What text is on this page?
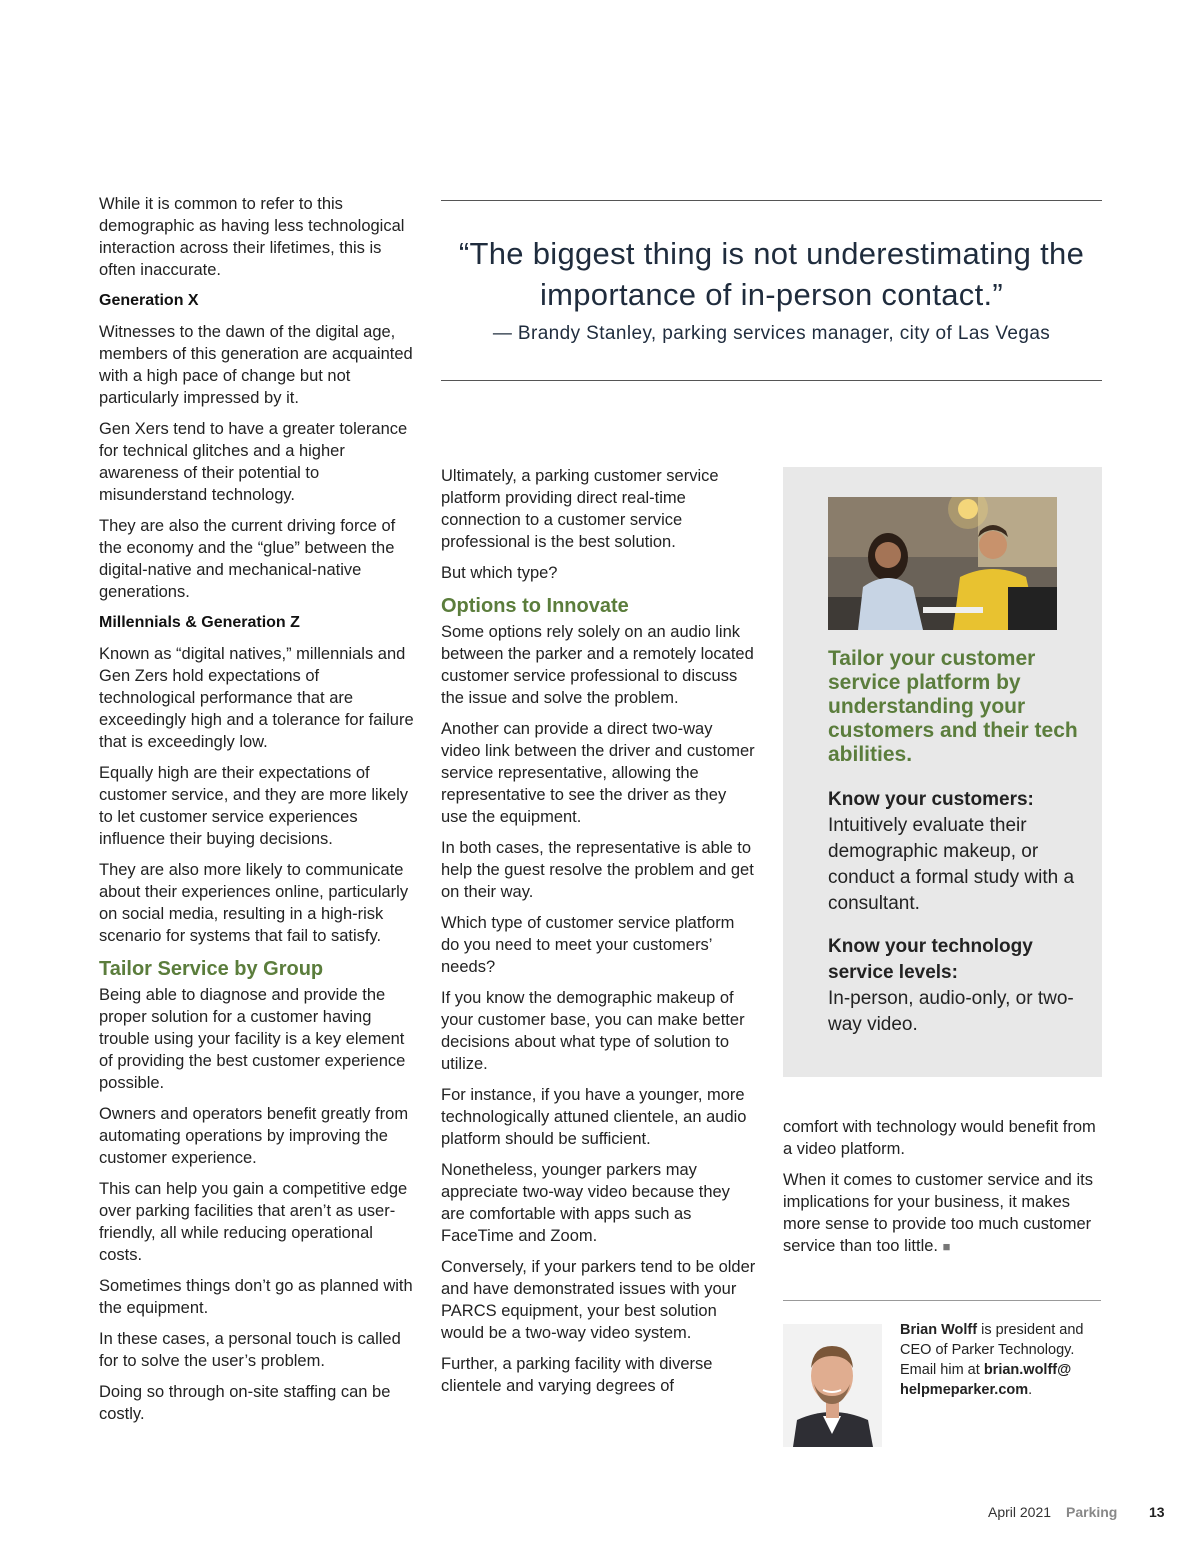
While it is common to refer to this demographic as having less technological interaction across their lifetimes, this is often inaccurate.

Generation X

Witnesses to the dawn of the digital age, members of this generation are acquainted with a high pace of change but not particularly impressed by it.

Gen Xers tend to have a greater tolerance for technical glitches and a higher awareness of their potential to misunderstand technology.

They are also the current driving force of the economy and the “glue” between the digital-native and mechanical-native generations.

Millennials & Generation Z

Known as “digital natives,” millennials and Gen Zers hold expectations of technological performance that are exceedingly high and a tolerance for failure that is exceedingly low.

Equally high are their expectations of customer service, and they are more likely to let customer service experiences influence their buying decisions.

They are also more likely to communicate about their experiences online, particularly on social media, resulting in a high-risk scenario for systems that fail to satisfy.

Tailor Service by Group

Being able to diagnose and provide the proper solution for a customer having trouble using your facility is a key element of providing the best customer experience possible.

Owners and operators benefit greatly from automating operations by improving the customer experience.

This can help you gain a competitive edge over parking facilities that aren’t as user-friendly, all while reducing operational costs.

Sometimes things don’t go as planned with the equipment.

In these cases, a personal touch is called for to solve the user’s problem.

Doing so through on-site staffing can be costly.

“The biggest thing is not underestimating the importance of in-person contact.”
— Brandy Stanley, parking services manager, city of Las Vegas

Ultimately, a parking customer service platform providing direct real-time connection to a customer service professional is the best solution.

But which type?

Options to Innovate

Some options rely solely on an audio link between the parker and a remotely located customer service professional to discuss the issue and solve the problem.

Another can provide a direct two-way video link between the driver and customer service representative, allowing the representative to see the driver as they use the equipment.

In both cases, the representative is able to help the guest resolve the problem and get on their way.

Which type of customer service platform do you need to meet your customers’ needs?

If you know the demographic makeup of your customer base, you can make better decisions about what type of solution to utilize.

For instance, if you have a younger, more technologically attuned clientele, an audio platform should be sufficient.

Nonetheless, younger parkers may appreciate two-way video because they are comfortable with apps such as FaceTime and Zoom.

Conversely, if your parkers tend to be older and have demonstrated issues with your PARCS equipment, your best solution would be a two-way video system.

Further, a parking facility with diverse clientele and varying degrees of

Tailor your customer service platform by understanding your customers and their tech abilities.
Know your customers:
Intuitively evaluate their demographic makeup, or conduct a formal study with a consultant.
Know your technology service levels:
In-person, audio-only, or two-way video.

comfort with technology would benefit from a video platform.

When it comes to customer service and its implications for your business, it makes more sense to provide too much customer service than too little. ■

Brian Wolff is president and CEO of Parker Technology. Email him at brian.wolff@ helpmeparker.com.
April 2021 Parking 13
